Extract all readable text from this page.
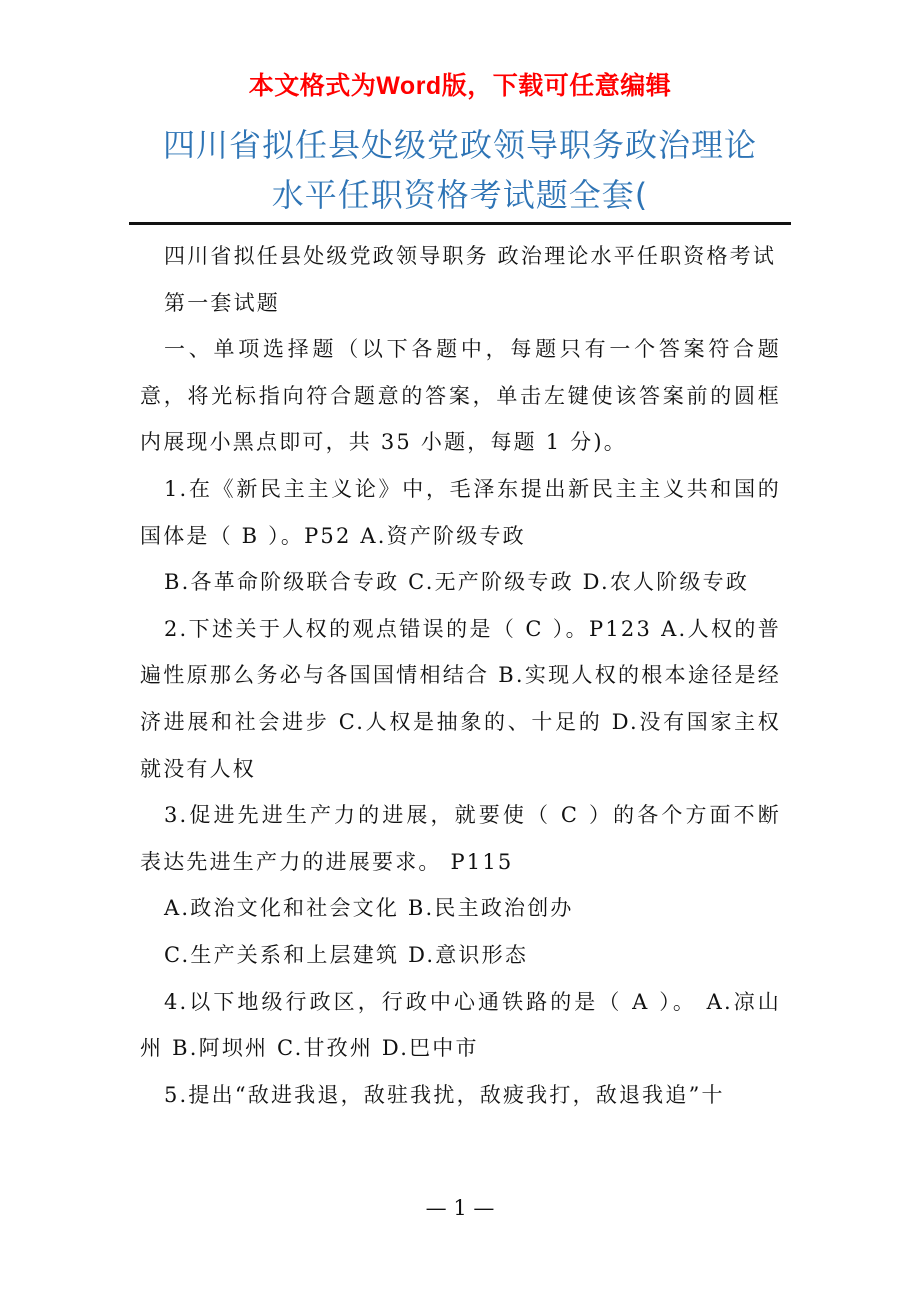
本文格式为Word版，下载可任意编辑
四川省拟任县处级党政领导职务政治理论
水平任职资格考试题全套(

四川省拟任县处级党政领导职务 政治理论水平任职资格考试

第一套试题

一、单项选择题（以下各题中，每题只有一个答案符合题意，将光标指向符合题意的答案，单击左键使该答案前的圆框内展现小黑点即可，共 35 小题，每题 1 分)。

1.在《新民主主义论》中，毛泽东提出新民主主义共和国的国体是（ B ）。P52 A.资产阶级专政

B.各革命阶级联合专政 C.无产阶级专政 D.农人阶级专政

2.下述关于人权的观点错误的是（ C ）。P123 A.人权的普遍性原那么务必与各国国情相结合 B.实现人权的根本途径是经济进展和社会进步 C.人权是抽象的、十足的 D.没有国家主权就没有人权

3.促进先进生产力的进展，就要使（ C ）的各个方面不断表达先进生产力的进展要求。 P115

A.政治文化和社会文化 B.民主政治创办

C.生产关系和上层建筑 D.意识形态

4.以下地级行政区，行政中心通铁路的是（ A ）。 A.凉山州 B.阿坝州 C.甘孜州 D.巴中市

5.提出“敌进我退，敌驻我扰，敌疲我打，敌退我追”十

— 1 —
